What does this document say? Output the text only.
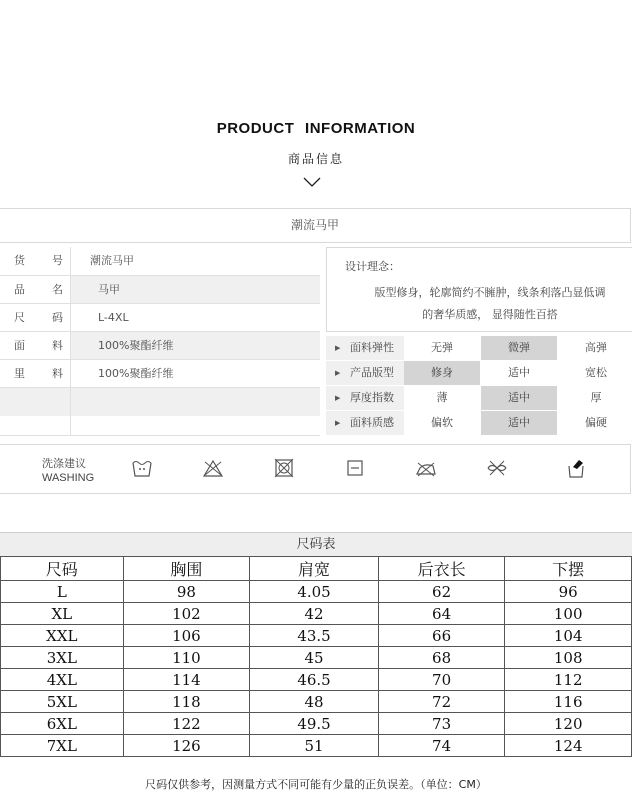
PRODUCT INFORMATION
商品信息
潮流马甲
货 号	潮流马甲
品 名	马甲
尺 码	L-4XL
面 料	100%聚酯纤维
里 料	100%聚酯纤维
设计理念：
版型修身，轮廓简约不臃肿，线条利落凸显低调
的奢华质感， 显得随性百搭
▶ 面料弹性	无弹	微弹	高弹
▶ 产品版型	修身	适中	宽松
▶ 厚度指数	薄	适中	厚
▶ 面料质感	偏软	适中	偏硬
洗涤建议
WASHING
尺码表
尺码	胸围	肩宽	后衣长	下摆
L	98	4.05	62	96
XL	102	42	64	100
XXL	106	43.5	66	104
3XL	110	45	68	108
4XL	114	46.5	70	112
5XL	118	48	72	116
6XL	122	49.5	73	120
7XL	126	51	74	124
尺码仅供参考，因测量方式不同可能有少量的正负误差。（单位：CM）
